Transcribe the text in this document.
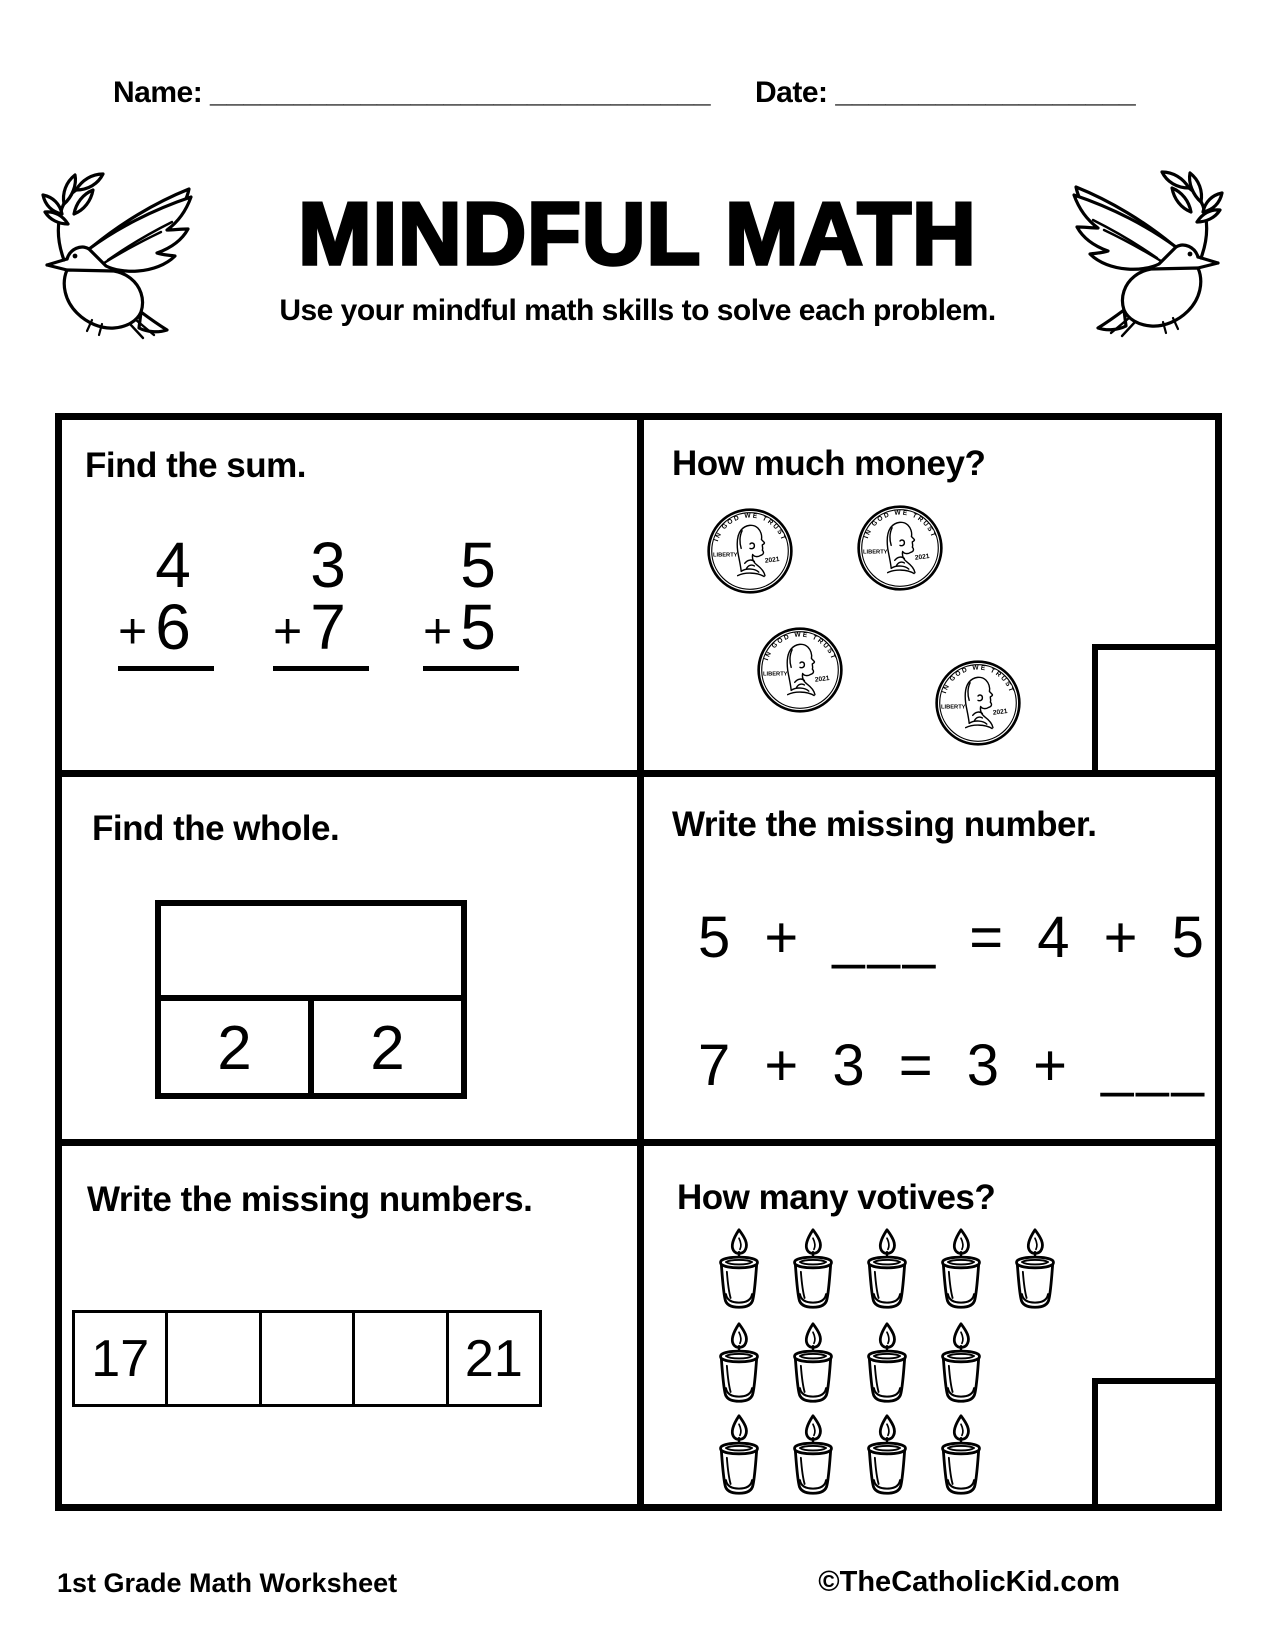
Name: ______________________________ Date: __________________
MINDFUL MATH
Use your mindful math skills to solve each problem.
Find the sum.
4
+ 6
3
+ 7
5
+ 5
How much money?
Find the whole.
2	2
Write the missing number.
5 + ___ = 4 + 5
7 + 3 = 3 + ___
Write the missing numbers.
17	21
How many votives?
1st Grade Math Worksheet	©TheCatholicKid.com
